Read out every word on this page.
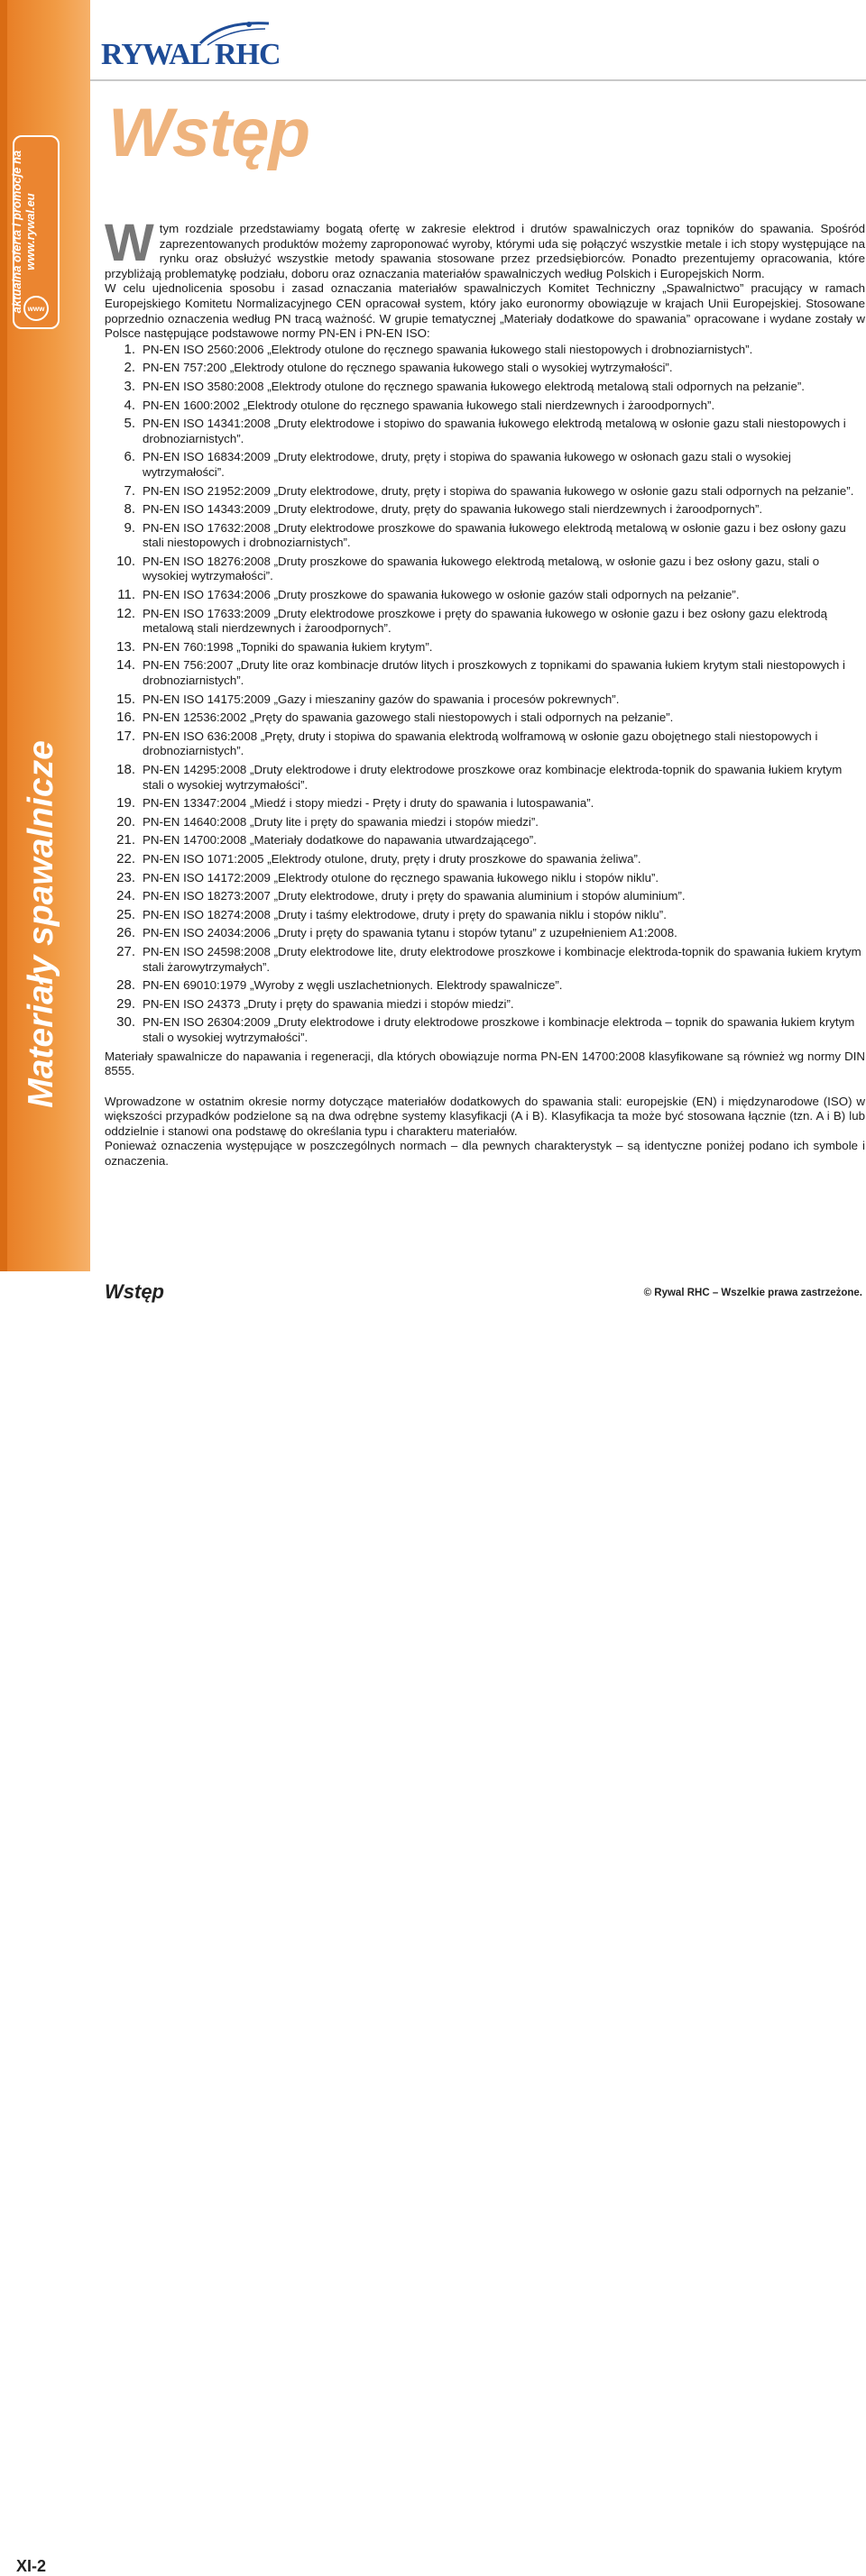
aktualna oferta i promocje na www.rywal.eu
www
Materiały spawalnicze
XI-2
RYWAL RHC
Wstęp

Wtym rozdziale przedstawiamy bogatą ofertę w zakresie elektrod i drutów spawalniczych oraz topników do spawania. Spośród zaprezentowanych produktów możemy zaproponować wyroby, którymi uda się połączyć wszystkie metale i ich stopy występujące na rynku oraz obsłużyć wszystkie metody spawania stosowane przez przedsiębiorców. Ponadto prezentujemy opracowania, które przybliżają problematykę podziału, doboru oraz oznaczania materiałów spawalniczych według Polskich i Europejskich Norm.

W celu ujednolicenia sposobu i zasad oznaczania materiałów spawalniczych Komitet Techniczny „Spawalnictwo” pracujący w ramach Europejskiego Komitetu Normalizacyjnego CEN opracował system, który jako euronormy obowiązuje w krajach Unii Europejskiej. Stosowane poprzednio oznaczenia według PN tracą ważność. W grupie tematycznej „Materiały dodatkowe do spawania” opracowane i wydane zostały w Polsce następujące podstawowe normy PN-EN i PN-EN ISO:

1. PN-EN ISO 2560:2006 „Elektrody otulone do ręcznego spawania łukowego stali niestopowych i drobnoziarnistych”.
2. PN-EN 757:200 „Elektrody otulone do ręcznego spawania łukowego stali o wysokiej wytrzymałości”.
3. PN-EN ISO 3580:2008 „Elektrody otulone do ręcznego spawania łukowego elektrodą metalową stali odpornych na pełzanie”.
4. PN-EN 1600:2002 „Elektrody otulone do ręcznego spawania łukowego stali nierdzewnych i żaroodpornych”.
5. PN-EN ISO 14341:2008 „Druty elektrodowe i stopiwo do spawania łukowego elektrodą metalową w osłonie gazu stali niestopowych i drobnoziarnistych”.
6. PN-EN ISO 16834:2009 „Druty elektrodowe, druty, pręty i stopiwa do spawania łukowego w osłonach gazu stali o wysokiej wytrzymałości”.
7. PN-EN ISO 21952:2009 „Druty elektrodowe, druty, pręty i stopiwa do spawania łukowego w osłonie gazu stali odpornych na pełzanie”.
8. PN-EN ISO 14343:2009 „Druty elektrodowe, druty, pręty do spawania łukowego stali nierdzewnych i żaroodpornych”.
9. PN-EN ISO 17632:2008 „Druty elektrodowe proszkowe do spawania łukowego elektrodą metalową w osłonie gazu i bez osłony gazu stali niestopowych i drobnoziarnistych”.
10. PN-EN ISO 18276:2008 „Druty proszkowe do spawania łukowego elektrodą metalową, w osłonie gazu i bez osłony gazu, stali o wysokiej wytrzymałości”.
11. PN-EN ISO 17634:2006 „Druty proszkowe do spawania łukowego w osłonie gazów stali odpornych na pełzanie”.
12. PN-EN ISO 17633:2009 „Druty elektrodowe proszkowe i pręty do spawania łukowego w osłonie gazu i bez osłony gazu elektrodą metalową stali nierdzewnych i żaroodpornych”.
13. PN-EN 760:1998 „Topniki do spawania łukiem krytym”.
14. PN-EN 756:2007 „Druty lite oraz kombinacje drutów litych i proszkowych z topnikami do spawania łukiem krytym stali niestopowych i drobnoziarnistych”.
15. PN-EN ISO 14175:2009 „Gazy i mieszaniny gazów do spawania i procesów pokrewnych”.
16. PN-EN 12536:2002 „Pręty do spawania gazowego stali niestopowych i stali odpornych na pełzanie”.
17. PN-EN ISO 636:2008 „Pręty, druty i stopiwa do spawania elektrodą wolframową w osłonie gazu obojętnego stali niestopowych i drobnoziarnistych”.
18. PN-EN 14295:2008 „Druty elektrodowe i druty elektrodowe proszkowe oraz kombinacje elektroda-topnik do spawania łukiem krytym stali o wysokiej wytrzymałości”.
19. PN-EN 13347:2004 „Miedź i stopy miedzi - Pręty i druty do spawania i lutospawania”.
20. PN-EN 14640:2008 „Druty lite i pręty do spawania miedzi i stopów miedzi”.
21. PN-EN 14700:2008 „Materiały dodatkowe do napawania utwardzającego”.
22. PN-EN ISO 1071:2005 „Elektrody otulone, druty, pręty i druty proszkowe do spawania żeliwa”.
23. PN-EN ISO 14172:2009 „Elektrody otulone do ręcznego spawania łukowego niklu i stopów niklu”.
24. PN-EN ISO 18273:2007 „Druty elektrodowe, druty i pręty do spawania aluminium i stopów aluminium”.
25. PN-EN ISO 18274:2008 „Druty i taśmy elektrodowe, druty i pręty do spawania niklu i stopów niklu”.
26. PN-EN ISO 24034:2006 „Druty i pręty do spawania tytanu i stopów tytanu” z uzupełnieniem A1:2008.
27. PN-EN ISO 24598:2008 „Druty elektrodowe lite, druty elektrodowe proszkowe i kombinacje elektroda-topnik do spawania łukiem krytym stali żarowytrzymałych”.
28. PN-EN 69010:1979 „Wyroby z węgli uszlachetnionych. Elektrody spawalnicze”.
29. PN-EN ISO 24373 „Druty i pręty do spawania miedzi i stopów miedzi”.
30. PN-EN ISO 26304:2009 „Druty elektrodowe i druty elektrodowe proszkowe i kombinacje elektroda – topnik do spawania łukiem krytym stali o wysokiej wytrzymałości”.

Materiały spawalnicze do napawania i regeneracji, dla których obowiązuje norma PN-EN 14700:2008 klasyfikowane są również wg normy DIN 8555.

Wprowadzone w ostatnim okresie normy dotyczące materiałów dodatkowych do spawania stali: europejskie (EN) i międzynarodowe (ISO) w większości przypadków podzielone są na dwa odrębne systemy klasyfikacji (A i B). Klasyfikacja ta może być stosowana łącznie (tzn. A i B) lub oddzielnie i stanowi ona podstawę do określania typu i charakteru materiałów.

Ponieważ oznaczenia występujące w poszczególnych normach – dla pewnych charakterystyk – są identyczne poniżej podano ich symbole i oznaczenia.

Wstęp	© Rywal RHC – Wszelkie prawa zastrzeżone.
